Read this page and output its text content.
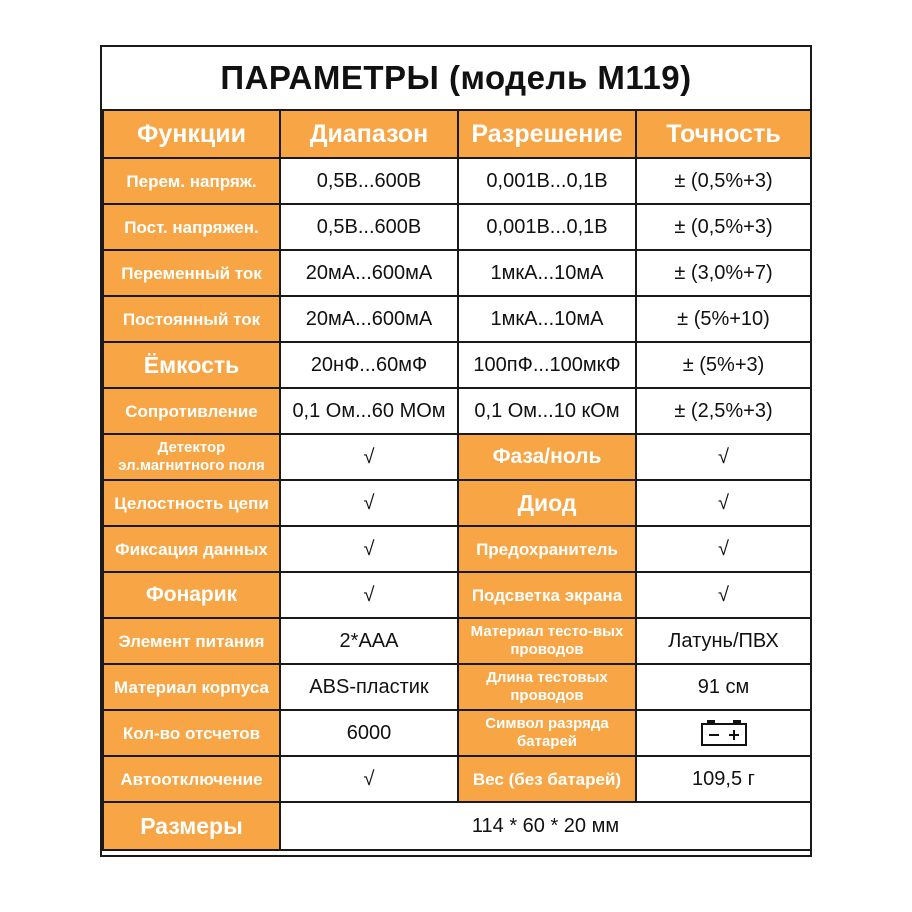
ПАРАМЕТРЫ (модель M119)
Функции	Диапазон	Разрешение	Точность
Перем. напряж.	0,5В...600В	0,001В...0,1В	± (0,5%+3)
Пост. напряжен.	0,5В...600В	0,001В...0,1В	± (0,5%+3)
Переменный ток	20мА...600мА	1мкА...10мА	± (3,0%+7)
Постоянный ток	20мА...600мА	1мкА...10мА	± (5%+10)
Ёмкость	20нФ...60мФ	100пФ...100мкФ	± (5%+3)
Сопротивление	0,1 Ом...60 МОм	0,1 Ом...10 кОм	± (2,5%+3)
Детектор эл.магнитного поля	√	Фаза/ноль	√
Целостность цепи	√	Диод	√
Фиксация данных	√	Предохранитель	√
Фонарик	√	Подсветка экрана	√
Элемент питания	2*AAA	Материал тесто-вых проводов	Латунь/ПВХ
Материал корпуса	ABS-пластик	Длина тестовых проводов	91 см
Кол-во отсчетов	6000	Символ разряда батарей	
Автоотключение	√	Вес (без батарей)	109,5 г
Размеры	114 * 60 * 20 мм		
